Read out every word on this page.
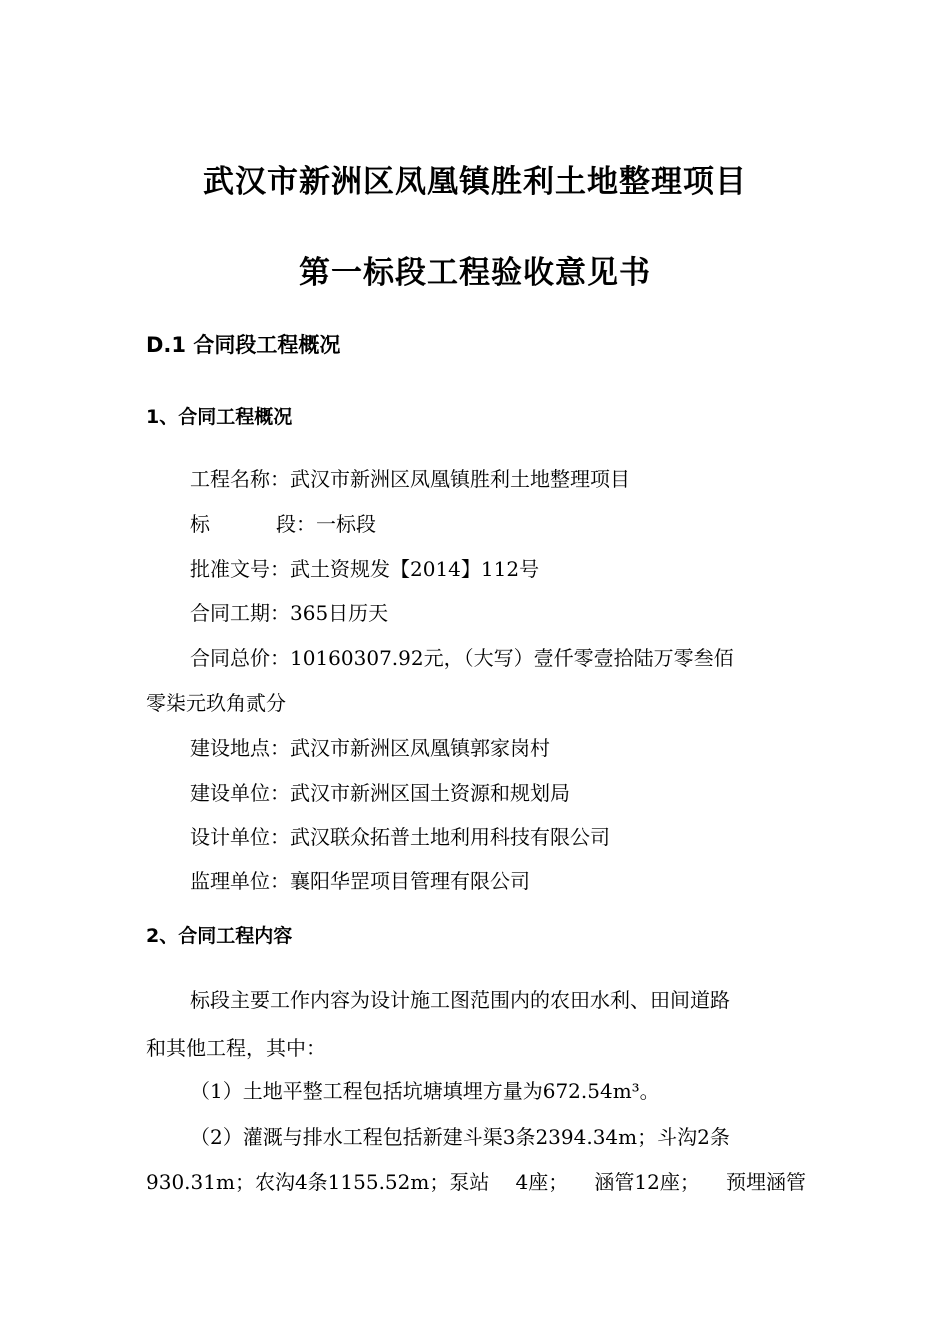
武汉市新洲区凤凰镇胜利土地整理项目
第一标段工程验收意见书
D.1 合同段工程概况
1、合同工程概况
工程名称：武汉市新洲区凤凰镇胜利土地整理项目
标	段 ：一标段
批准文号：武土资规发【2014】112号
合同工期：365日历天
合同总价：10160307.92元，（大写）壹仟零壹拾陆万零叁佰
零柒元玖角贰分
建设地点：武汉市新洲区凤凰镇郭家岗村
建设单位：武汉市新洲区国土资源和规划局
设计单位：武汉联众拓普土地利用科技有限公司
监理单位：襄阳华罡项目管理有限公司
2、合同工程内容
标段主要工作内容为设计施工图范围内的农田水利、田间道路
和其他工程，其中：
（1）土地平整工程包括坑塘填埋方量为672.54m³。
（2）灌溉与排水工程包括新建斗渠3条2394.34m；斗沟2条
930.31m；农沟4条1155.52m；泵站 4座； 涵管12座； 预埋涵管
